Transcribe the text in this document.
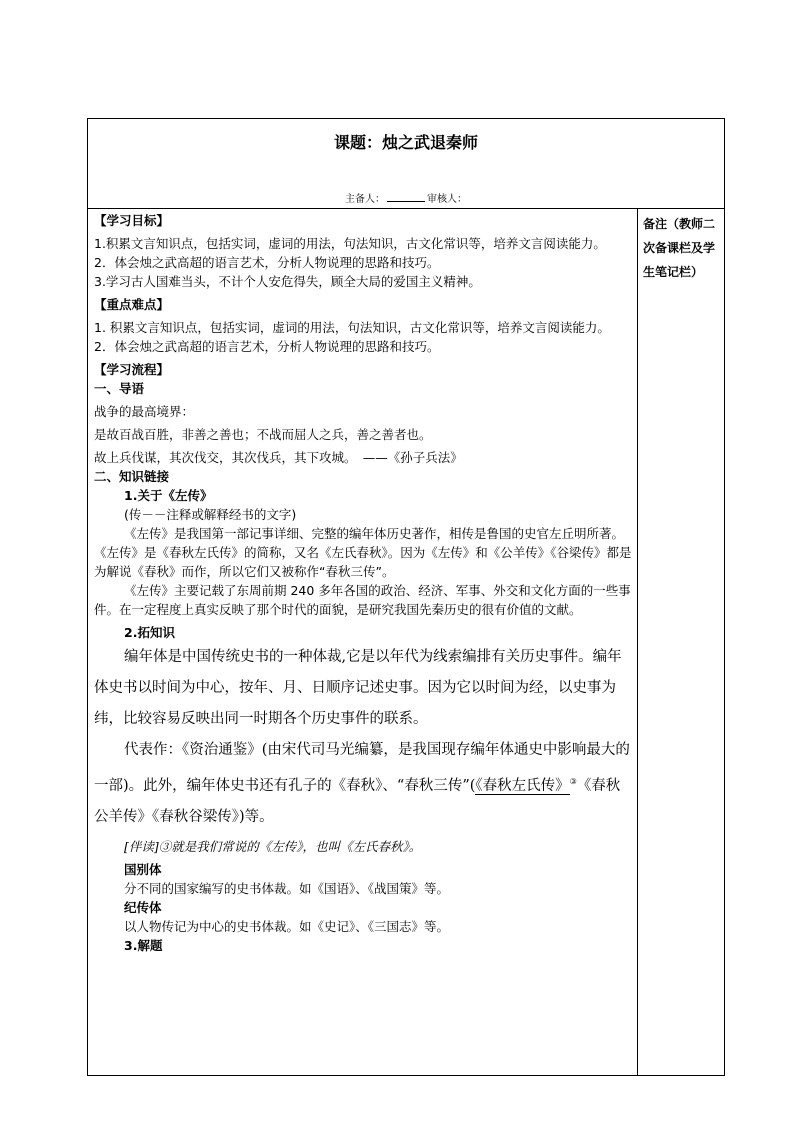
课题：烛之武退秦师
主备人：	审核人：
备注（教师二次备课栏及学生笔记栏）

【学习目标】

1.积累文言知识点，包括实词，虚词的用法，句法知识，古文化常识等，培养文言阅读能力。

2．体会烛之武高超的语言艺术，分析人物说理的思路和技巧。

3.学习古人国难当头，不计个人安危得失，顾全大局的爱国主义精神。

【重点难点】

1. 积累文言知识点，包括实词，虚词的用法，句法知识，古文化常识等，培养文言阅读能力。

2．体会烛之武高超的语言艺术，分析人物说理的思路和技巧。

【学习流程】

一、导语

战争的最高境界：

是故百战百胜，非善之善也；不战而屈人之兵，善之善者也。

故上兵伐谋，其次伐交，其次伐兵，其下攻城。　——《孙子兵法》

二、知识链接

1.关于《左传》

(传－－注释或解释经书的文字)

《左传》是我国第一部记事详细、完整的编年体历史著作，相传是鲁国的史官左丘明所著。《左传》是《春秋左氏传》的简称，又名《左氏春秋》。因为《左传》和《公羊传》《谷梁传》都是为解说《春秋》而作，所以它们又被称作“春秋三传”。

《左传》主要记载了东周前期 240 多年各国的政治、经济、军事、外交和文化方面的一些事件。在一定程度上真实反映了那个时代的面貌，是研究我国先秦历史的很有价值的文献。

2.拓知识

编年体是中国传统史书的一种体裁,它是以年代为线索编排有关历史事件。编年体史书以时间为中心，按年、月、日顺序记述史事。因为它以时间为经，以史事为纬，比较容易反映出同一时期各个历史事件的联系。

代表作：《资治通鉴》(由宋代司马光编纂，是我国现存编年体通史中影响最大的一部)。此外，编年体史书还有孔子的《春秋》、“春秋三传”(《春秋左氏传》③《春秋公羊传》《春秋谷梁传》)等。

[伴读]③就是我们常说的《左传》，也叫《左氏春秋》。

国别体

分不同的国家编写的史书体裁。如《国语》、《战国策》等。

纪传体

以人物传记为中心的史书体裁。如《史记》、《三国志》等。

3.解题
